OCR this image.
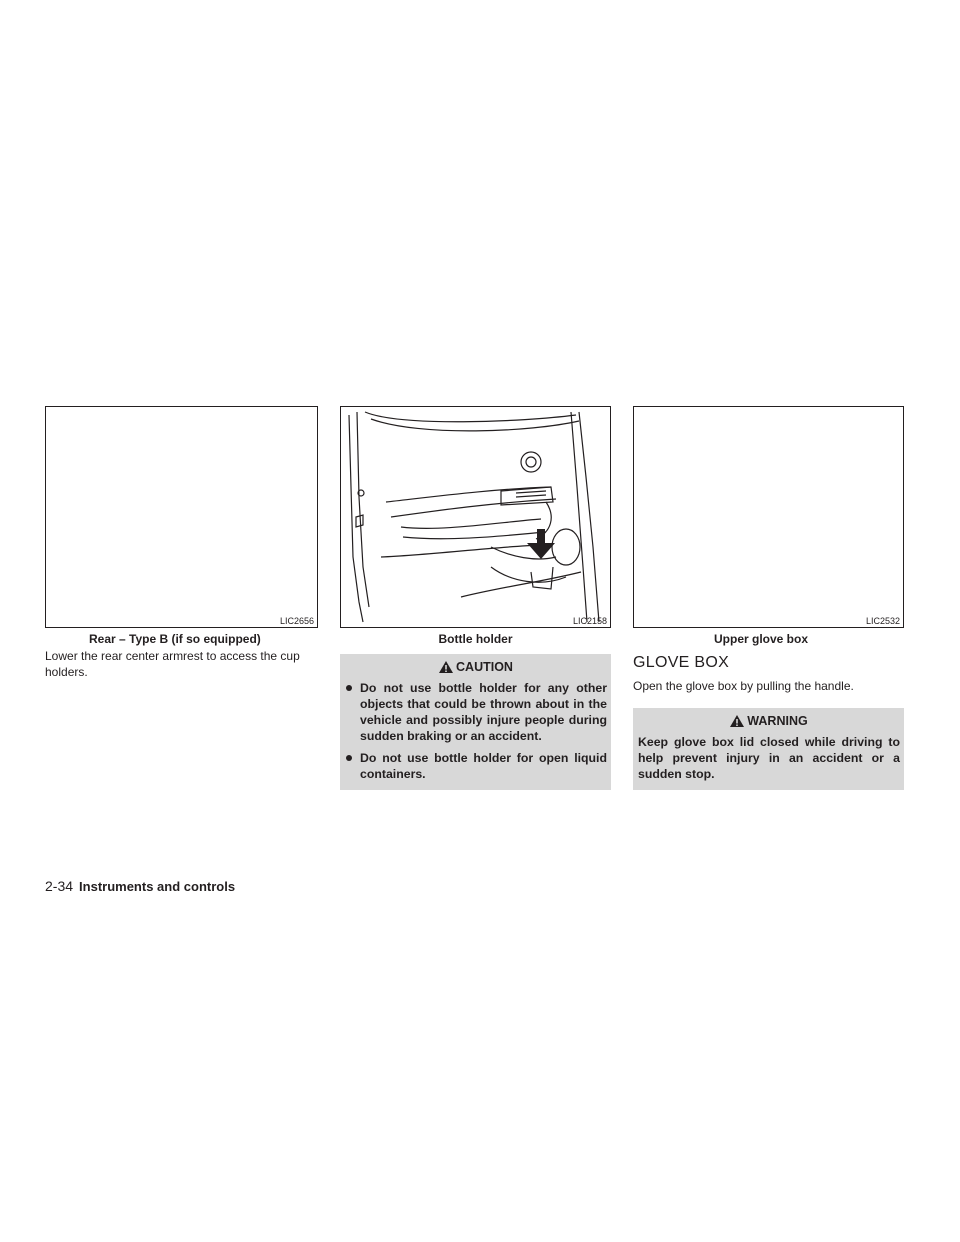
LIC2656
Rear – Type B (if so equipped)

Lower the rear center armrest to access the cup holders.

LIC2158
Bottle holder
CAUTION
Do not use bottle holder for any other objects that could be thrown about in the vehicle and possibly injure people during sudden braking or an accident.
Do not use bottle holder for open liquid containers.
LIC2532
Upper glove box
GLOVE BOX

Open the glove box by pulling the handle.

WARNING
Keep glove box lid closed while driving to help prevent injury in an accident or a sudden stop.
2-34 Instruments and controls
